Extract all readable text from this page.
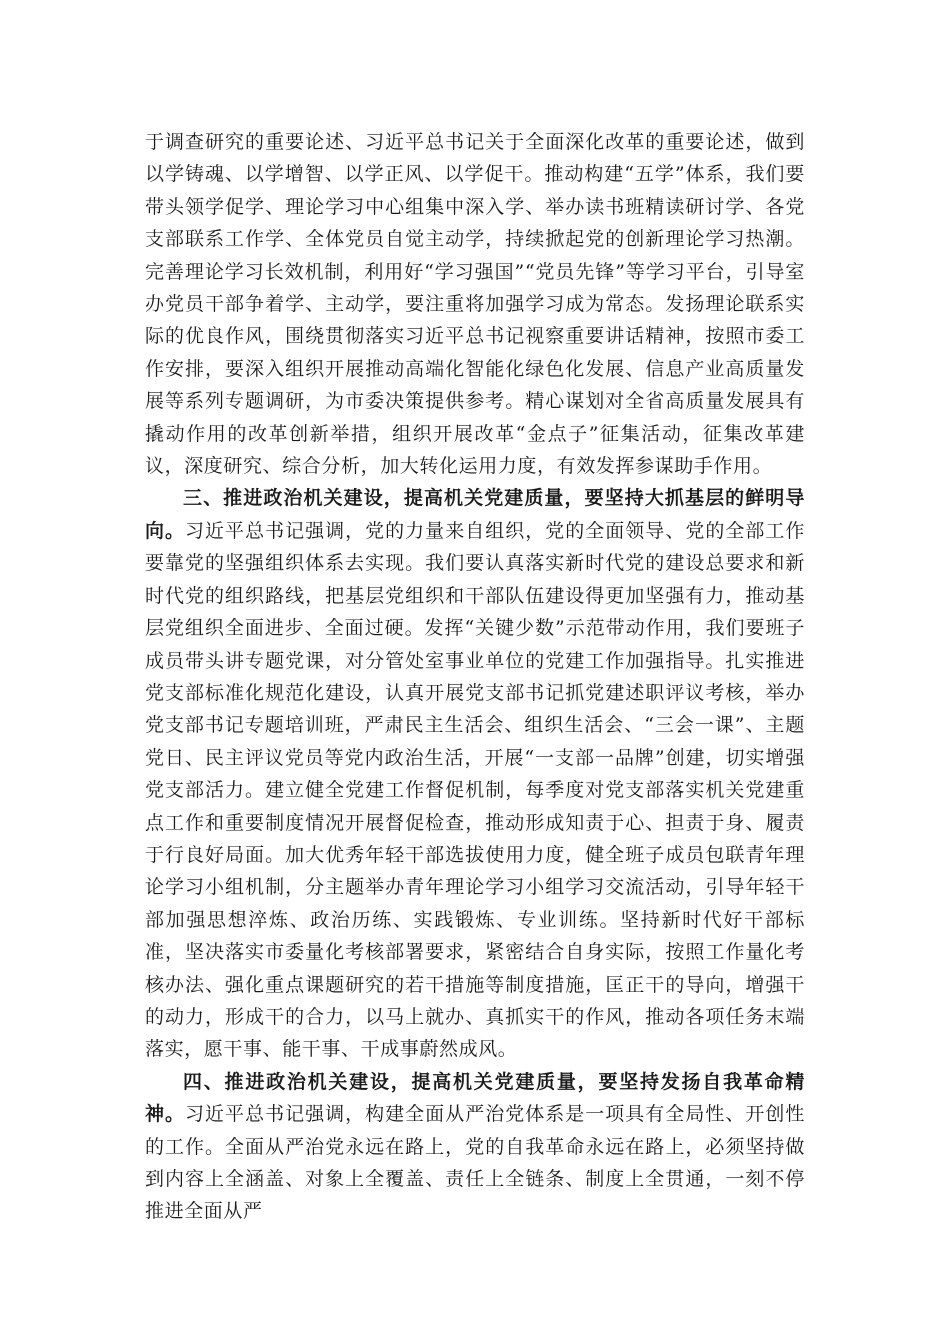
于调查研究的重要论述、习近平总书记关于全面深化改革的重要论述，做到以学铸魂、以学增智、以学正风、以学促干。推动构建“五学”体系，我们要带头领学促学、理论学习中心组集中深入学、举办读书班精读研讨学、各党支部联系工作学、全体党员自觉主动学，持续掀起党的创新理论学习热潮。完善理论学习长效机制，利用好“学习强国”“党员先锋”等学习平台，引导室办党员干部争着学、主动学，要注重将加强学习成为常态。发扬理论联系实际的优良作风，围绕贯彻落实习近平总书记视察重要讲话精神，按照市委工作安排，要深入组织开展推动高端化智能化绿色化发展、信息产业高质量发展等系列专题调研，为市委决策提供参考。精心谋划对全省高质量发展具有撬动作用的改革创新举措，组织开展改革“金点子”征集活动，征集改革建议，深度研究、综合分析，加大转化运用力度，有效发挥参谋助手作用。

三、推进政治机关建设，提高机关党建质量，要坚持大抓基层的鲜明导向。习近平总书记强调，党的力量来自组织，党的全面领导、党的全部工作要靠党的坚强组织体系去实现。我们要认真落实新时代党的建设总要求和新时代党的组织路线，把基层党组织和干部队伍建设得更加坚强有力，推动基层党组织全面进步、全面过硬。发挥“关键少数”示范带动作用，我们要班子成员带头讲专题党课，对分管处室事业单位的党建工作加强指导。扎实推进党支部标准化规范化建设，认真开展党支部书记抓党建述职评议考核，举办党支部书记专题培训班，严肃民主生活会、组织生活会、“三会一课”、主题党日、民主评议党员等党内政治生活，开展“一支部一品牌”创建，切实增强党支部活力。建立健全党建工作督促机制，每季度对党支部落实机关党建重点工作和重要制度情况开展督促检查，推动形成知责于心、担责于身、履责于行良好局面。加大优秀年轻干部选拔使用力度，健全班子成员包联青年理论学习小组机制，分主题举办青年理论学习小组学习交流活动，引导年轻干部加强思想淬炼、政治历练、实践锻炼、专业训练。坚持新时代好干部标准，坚决落实市委量化考核部署要求，紧密结合自身实际，按照工作量化考核办法、强化重点课题研究的若干措施等制度措施，匡正干的导向，增强干的动力，形成干的合力，以马上就办、真抓实干的作风，推动各项任务末端落实，愿干事、能干事、干成事蔚然成风。

四、推进政治机关建设，提高机关党建质量，要坚持发扬自我革命精神。习近平总书记强调，构建全面从严治党体系是一项具有全局性、开创性的工作。全面从严治党永远在路上，党的自我革命永远在路上，必须坚持做到内容上全涵盖、对象上全覆盖、责任上全链条、制度上全贯通，一刻不停推进全面从严
